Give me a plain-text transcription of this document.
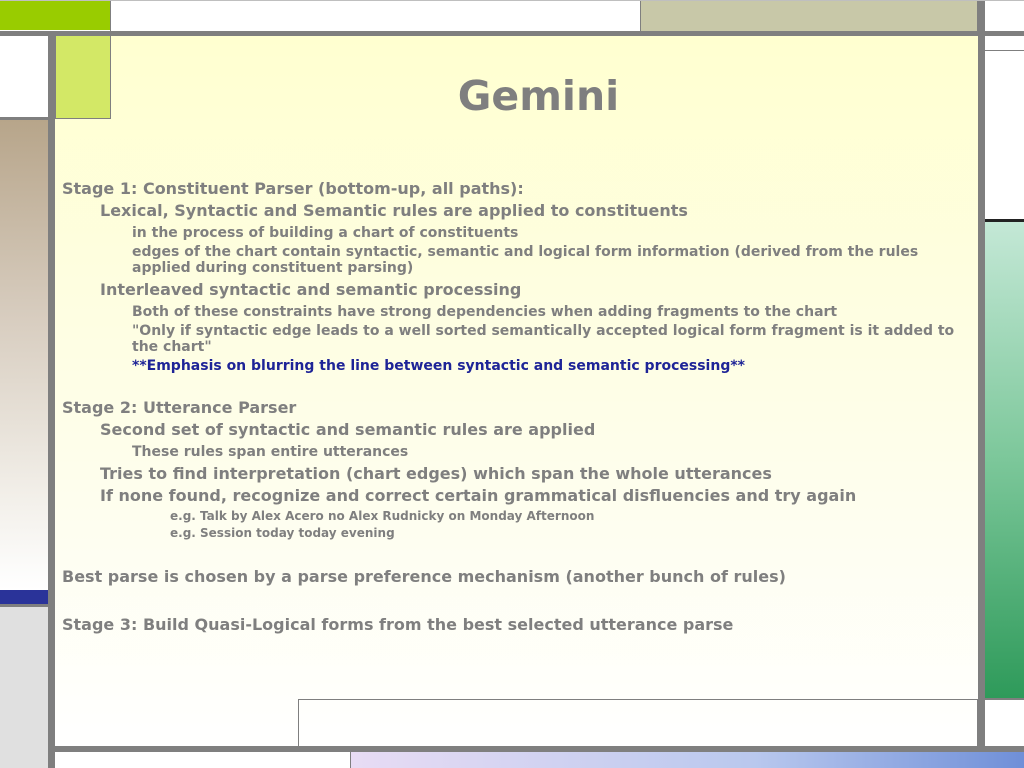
Gemini

Stage 1: Constituent Parser (bottom-up, all paths):

Lexical, Syntactic and Semantic rules are applied to constituents

in the process of building a chart of constituents

edges of the chart contain syntactic, semantic and logical form information (derived from the rules applied during constituent parsing)

Interleaved syntactic and semantic processing

Both of these constraints have strong dependencies when adding fragments to the chart

"Only if syntactic edge leads to a well sorted semantically accepted logical form fragment is it added to the chart"

**Emphasis on blurring the line between syntactic and semantic processing**

Stage 2: Utterance Parser

Second set of syntactic and semantic rules are applied

These rules span entire utterances

Tries to find interpretation (chart edges) which span the whole utterances

If none found, recognize and correct certain grammatical disfluencies and try again

e.g. Talk by Alex Acero no Alex Rudnicky on Monday Afternoon

e.g. Session today today evening

Best parse is chosen by a parse preference mechanism (another bunch of rules)

Stage 3: Build Quasi-Logical forms from the best selected utterance parse
